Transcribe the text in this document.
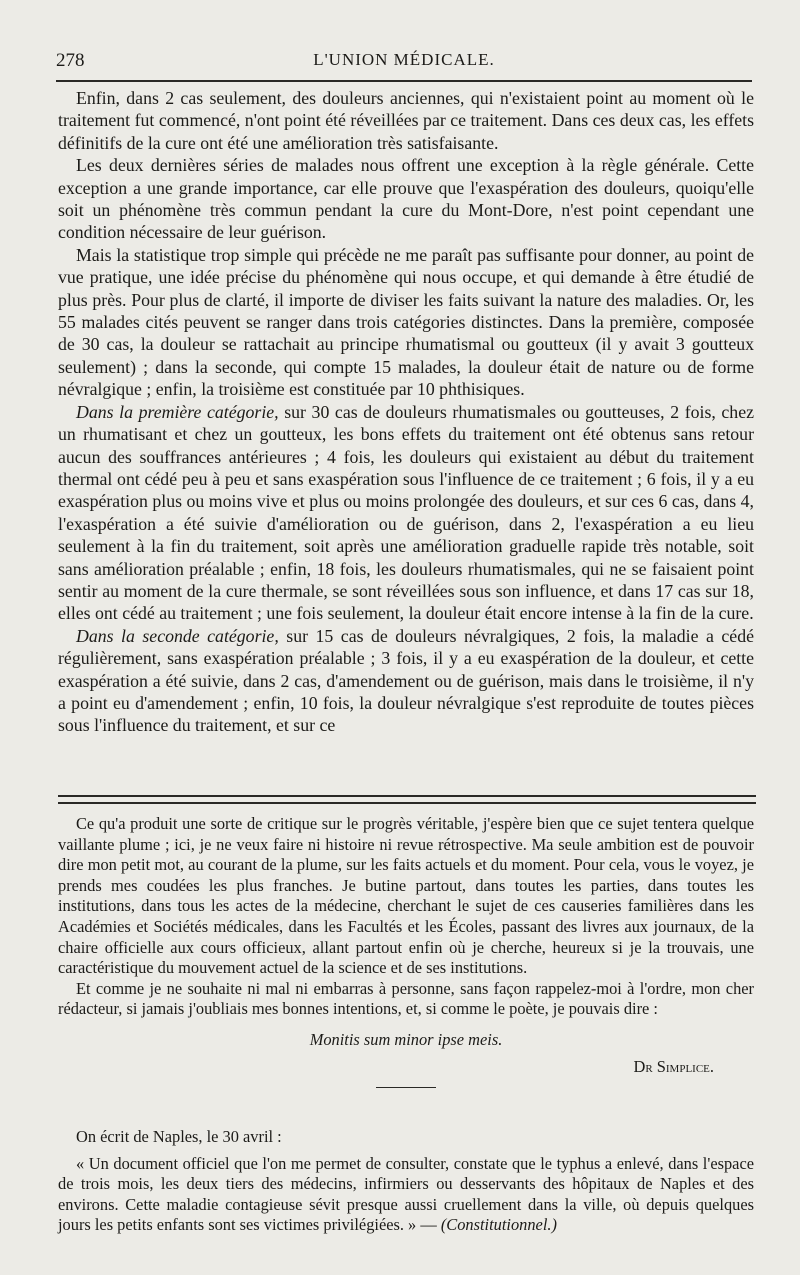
278	L'UNION MÉDICALE.

Enfin, dans 2 cas seulement, des douleurs anciennes, qui n'existaient point au moment où le traitement fut commencé, n'ont point été réveillées par ce traitement. Dans ces deux cas, les effets définitifs de la cure ont été une amélioration très satisfaisante.

Les deux dernières séries de malades nous offrent une exception à la règle générale. Cette exception a une grande importance, car elle prouve que l'exaspération des douleurs, quoiqu'elle soit un phénomène très commun pendant la cure du Mont-Dore, n'est point cependant une condition nécessaire de leur guérison.

Mais la statistique trop simple qui précède ne me paraît pas suffisante pour donner, au point de vue pratique, une idée précise du phénomène qui nous occupe, et qui demande à être étudié de plus près. Pour plus de clarté, il importe de diviser les faits suivant la nature des maladies. Or, les 55 malades cités peuvent se ranger dans trois catégories distinctes. Dans la première, composée de 30 cas, la douleur se rattachait au principe rhumatismal ou goutteux (il y avait 3 goutteux seulement) ; dans la seconde, qui compte 15 malades, la douleur était de nature ou de forme névralgique ; enfin, la troisième est constituée par 10 phthisiques.

Dans la première catégorie, sur 30 cas de douleurs rhumatismales ou goutteuses, 2 fois, chez un rhumatisant et chez un goutteux, les bons effets du traitement ont été obtenus sans retour aucun des souffrances antérieures ; 4 fois, les douleurs qui existaient au début du traitement thermal ont cédé peu à peu et sans exaspération sous l'influence de ce traitement ; 6 fois, il y a eu exaspération plus ou moins vive et plus ou moins prolongée des douleurs, et sur ces 6 cas, dans 4, l'exaspération a été suivie d'amélioration ou de guérison, dans 2, l'exaspération a eu lieu seulement à la fin du traitement, soit après une amélioration graduelle rapide très notable, soit sans amélioration préalable ; enfin, 18 fois, les douleurs rhumatismales, qui ne se faisaient point sentir au moment de la cure thermale, se sont réveillées sous son influence, et dans 17 cas sur 18, elles ont cédé au traitement ; une fois seulement, la douleur était encore intense à la fin de la cure.

Dans la seconde catégorie, sur 15 cas de douleurs névralgiques, 2 fois, la maladie a cédé régulièrement, sans exaspération préalable ; 3 fois, il y a eu exaspération de la douleur, et cette exaspération a été suivie, dans 2 cas, d'amendement ou de guérison, mais dans le troisième, il n'y a point eu d'amendement ; enfin, 10 fois, la douleur névralgique s'est reproduite de toutes pièces sous l'influence du traitement, et sur ce

Ce qu'a produit une sorte de critique sur le progrès véritable, j'espère bien que ce sujet tentera quelque vaillante plume ; ici, je ne veux faire ni histoire ni revue rétrospective. Ma seule ambition est de pouvoir dire mon petit mot, au courant de la plume, sur les faits actuels et du moment. Pour cela, vous le voyez, je prends mes coudées les plus franches. Je butine partout, dans toutes les parties, dans toutes les institutions, dans tous les actes de la médecine, cherchant le sujet de ces causeries familières dans les Académies et Sociétés médicales, dans les Facultés et les Écoles, passant des livres aux journaux, de la chaire officielle aux cours officieux, allant partout enfin où je cherche, heureux si je la trouvais, une caractéristique du mouvement actuel de la science et de ses institutions.

Et comme je ne souhaite ni mal ni embarras à personne, sans façon rappelez-moi à l'ordre, mon cher rédacteur, si jamais j'oubliais mes bonnes intentions, et, si comme le poète, je pouvais dire :

Monitis sum minor ipse meis.

Dr Simplice.

On écrit de Naples, le 30 avril :

« Un document officiel que l'on me permet de consulter, constate que le typhus a enlevé, dans l'espace de trois mois, les deux tiers des médecins, infirmiers ou desservants des hôpitaux de Naples et des environs. Cette maladie contagieuse sévit presque aussi cruellement dans la ville, où depuis quelques jours les petits enfants sont ses victimes privilégiées. » — (Constitutionnel.)
